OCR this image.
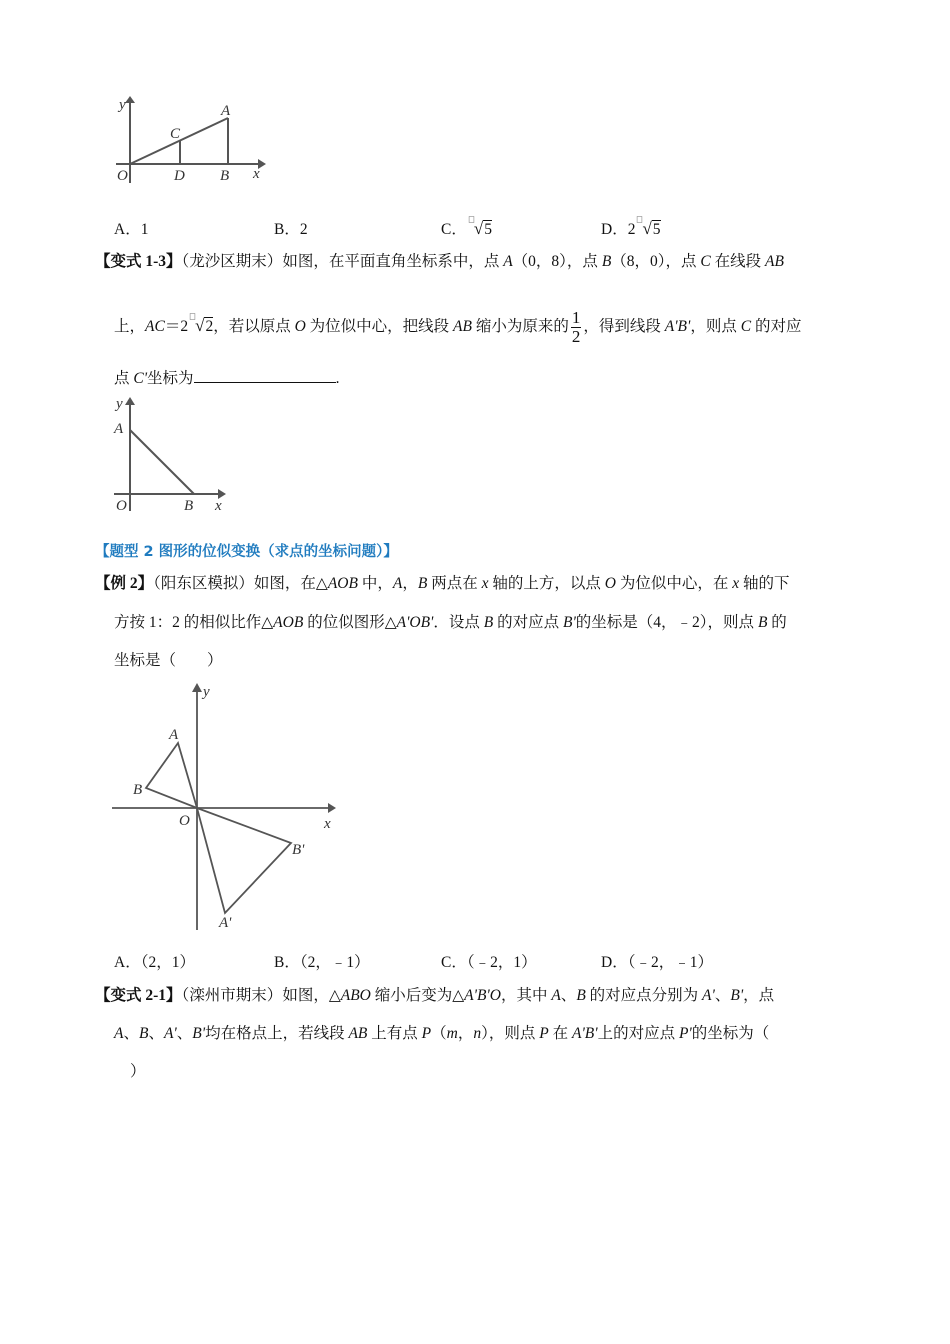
y
x
O	D B
A
C
A．1	B．2	C． √5	D．2 √5
【变式 1-3】（龙沙区期末）如图，在平面直角坐标系中，点 A（0，8），点 B（8，0），点 C 在线段 AB
上，AC＝2 √2，若以原点 O 为位似中心，把线段 AB 缩小为原来的 $\frac{1}{2}$ ，得到线段 A'B'，则点 C 的对应
点 C'坐标为	.
y
x
A
O	B
【题型 2 图形的位似变换（求点的坐标问题）】
【例 2】（阳东区模拟）如图，在△AOB 中，A，B 两点在 x 轴的上方，以点 O 为位似中心，在 x 轴的下
方按 1：2 的相似比作△AOB 的位似图形△A'OB'．设点 B 的对应点 B'的坐标是（4，﹣2），则点 B 的
坐标是（　　）
y
x
A
B
O
B'
A'
A．（2，1）	B．（2，﹣1）	C．（﹣2，1）	D．（﹣2，﹣1）
【变式 2-1】（滦州市期末）如图，△ABO 缩小后变为△A'B'O，其中 A、B 的对应点分别为 A'、B'，点
A、B、A'、B'均在格点上，若线段 AB 上有点 P（m，n），则点 P 在 A'B'上的对应点 P'的坐标为（
）
